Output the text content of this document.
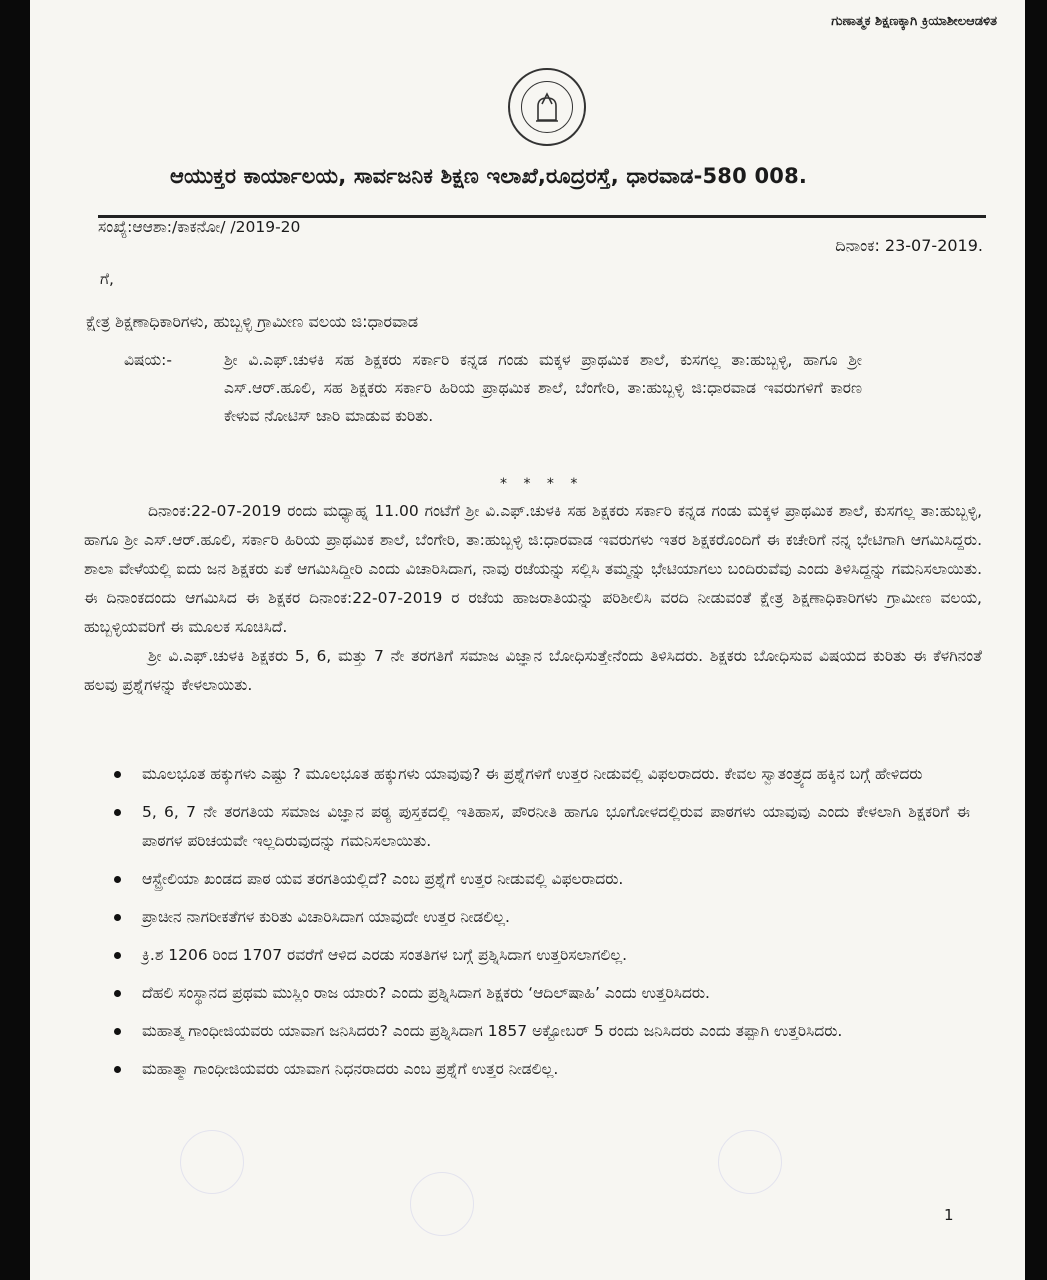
ಗುಣಾತ್ಮಕ ಶಿಕ್ಷಣಕ್ಕಾಗಿ ಕ್ರಿಯಾಶೀಲಆಡಳಿತ
ಆಯುಕ್ತರ ಕಾರ್ಯಾಲಯ, ಸಾರ್ವಜನಿಕ ಶಿಕ್ಷಣ ಇಲಾಖೆ,ರೂದ್ರರಸ್ತೆ, ಧಾರವಾಡ-580 008.
ಸಂಖ್ಯೆ:ಆಆಶಾ:/ಕಾಕನೋ/ /2019-20
ದಿನಾಂಕ: 23-07-2019.
ಗೆ,
ಕ್ಷೇತ್ರ ಶಿಕ್ಷಣಾಧಿಕಾರಿಗಳು, ಹುಬ್ಬಳ್ಳಿ ಗ್ರಾಮೀಣ ವಲಯ ಜಿ:ಧಾರವಾಡ
ವಿಷಯ:-	ಶ್ರೀ ವಿ.ಎಫ್.ಚುಳಕಿ ಸಹ ಶಿಕ್ಷಕರು ಸರ್ಕಾರಿ ಕನ್ನಡ ಗಂಡು ಮಕ್ಕಳ ಪ್ರಾಥಮಿಕ ಶಾಲೆ, ಕುಸಗಲ್ಲ ತಾ:ಹುಬ್ಬಳ್ಳಿ, ಹಾಗೂ ಶ್ರೀ ಎಸ್.ಆರ್.ಹೂಲಿ, ಸಹ ಶಿಕ್ಷಕರು ಸರ್ಕಾರಿ ಹಿರಿಯ ಪ್ರಾಥಮಿಕ ಶಾಲೆ, ಬೆಂಗೇರಿ, ತಾ:ಹುಬ್ಬಳ್ಳಿ ಜಿ:ಧಾರವಾಡ ಇವರುಗಳಿಗೆ ಕಾರಣ ಕೇಳುವ ನೋಟಿಸ್ ಜಾರಿ ಮಾಡುವ ಕುರಿತು.
* * * *

ದಿನಾಂಕ:22-07-2019 ರಂದು ಮಧ್ಯಾಹ್ನ 11.00 ಗಂಟೆಗೆ ಶ್ರೀ ವಿ.ಎಫ್.ಚುಳಕಿ ಸಹ ಶಿಕ್ಷಕರು ಸರ್ಕಾರಿ ಕನ್ನಡ ಗಂಡು ಮಕ್ಕಳ ಪ್ರಾಥಮಿಕ ಶಾಲೆ, ಕುಸಗಲ್ಲ ತಾ:ಹುಬ್ಬಳ್ಳಿ, ಹಾಗೂ ಶ್ರೀ ಎಸ್.ಆರ್.ಹೂಲಿ, ಸರ್ಕಾರಿ ಹಿರಿಯ ಪ್ರಾಥಮಿಕ ಶಾಲೆ, ಬೆಂಗೇರಿ, ತಾ:ಹುಬ್ಬಳ್ಳಿ ಜಿ:ಧಾರವಾಡ ಇವರುಗಳು ಇತರ ಶಿಕ್ಷಕರೊಂದಿಗೆ ಈ ಕಚೇರಿಗೆ ನನ್ನ ಭೇಟಿಗಾಗಿ ಆಗಮಿಸಿದ್ದರು. ಶಾಲಾ ವೇಳೆಯಲ್ಲಿ ಐದು ಜನ ಶಿಕ್ಷಕರು ಏಕೆ ಆಗಮಿಸಿದ್ದೀರಿ ಎಂದು ವಿಚಾರಿಸಿದಾಗ, ನಾವು ರಜೆಯನ್ನು ಸಲ್ಲಿಸಿ ತಮ್ಮನ್ನು ಭೇಟಿಯಾಗಲು ಬಂದಿರುವೆವು ಎಂದು ತಿಳಿಸಿದ್ದನ್ನು ಗಮನಿಸಲಾಯಿತು. ಈ ದಿನಾಂಕದಂದು ಆಗಮಿಸಿದ ಈ ಶಿಕ್ಷಕರ ದಿನಾಂಕ:22-07-2019 ರ ರಜೆಯ ಹಾಜರಾತಿಯನ್ನು ಪರಿಶೀಲಿಸಿ ವರದಿ ನೀಡುವಂತೆ ಕ್ಷೇತ್ರ ಶಿಕ್ಷಣಾಧಿಕಾರಿಗಳು ಗ್ರಾಮೀಣ ವಲಯ, ಹುಬ್ಬಳ್ಳಿಯವರಿಗೆ ಈ ಮೂಲಕ ಸೂಚಿಸಿದೆ.

ಶ್ರೀ ವಿ.ಎಫ್.ಚುಳಕಿ ಶಿಕ್ಷಕರು 5, 6, ಮತ್ತು 7 ನೇ ತರಗತಿಗೆ ಸಮಾಜ ವಿಜ್ಞಾನ ಬೋಧಿಸುತ್ತೇನೆಂದು ತಿಳಿಸಿದರು. ಶಿಕ್ಷಕರು ಬೋಧಿಸುವ ವಿಷಯದ ಕುರಿತು ಈ ಕೆಳಗಿನಂತೆ ಹಲವು ಪ್ರಶ್ನೆಗಳನ್ನು ಕೇಳಲಾಯಿತು.

ಮೂಲಭೂತ ಹಕ್ಕುಗಳು ಎಷ್ಟು ? ಮೂಲಭೂತ ಹಕ್ಕುಗಳು ಯಾವುವು? ಈ ಪ್ರಶ್ನೆಗಳಿಗೆ ಉತ್ತರ ನೀಡುವಲ್ಲಿ ವಿಫಲರಾದರು. ಕೇವಲ ಸ್ವಾತಂತ್ರ್ಯದ ಹಕ್ಕಿನ ಬಗ್ಗೆ ಹೇಳಿದರು
5, 6, 7 ನೇ ತರಗತಿಯ ಸಮಾಜ ವಿಜ್ಞಾನ ಪಠ್ಯ ಪುಸ್ತಕದಲ್ಲಿ ಇತಿಹಾಸ, ಪೌರನೀತಿ ಹಾಗೂ ಭೂಗೋಳದಲ್ಲಿರುವ ಪಾಠಗಳು ಯಾವುವು ಎಂದು ಕೇಳಲಾಗಿ ಶಿಕ್ಷಕರಿಗೆ ಈ ಪಾಠಗಳ ಪರಿಚಯವೇ ಇಲ್ಲದಿರುವುದನ್ನು ಗಮನಿಸಲಾಯಿತು.
ಆಸ್ಟ್ರೇಲಿಯಾ ಖಂಡದ ಪಾಠ ಯವ ತರಗತಿಯಲ್ಲಿದೆ? ಎಂಬ ಪ್ರಶ್ನೆಗೆ ಉತ್ತರ ನೀಡುವಲ್ಲಿ ವಿಫಲರಾದರು.
ಪ್ರಾಚೀನ ನಾಗರೀಕತೆಗಳ ಕುರಿತು ವಿಚಾರಿಸಿದಾಗ ಯಾವುದೇ ಉತ್ತರ ನೀಡಲಿಲ್ಲ.
ಕ್ರಿ.ಶ 1206 ರಿಂದ 1707 ರವರೆಗೆ ಆಳಿದ ಎರಡು ಸಂತತಿಗಳ ಬಗ್ಗೆ ಪ್ರಶ್ನಿಸಿದಾಗ ಉತ್ತರಿಸಲಾಗಲಿಲ್ಲ.
ದೆಹಲಿ ಸಂಸ್ಥಾನದ ಪ್ರಥಮ ಮುಸ್ಲಿಂ ರಾಜ ಯಾರು? ಎಂದು ಪ್ರಶ್ನಿಸಿದಾಗ ಶಿಕ್ಷಕರು ‘ಆದಿಲ್‌ಷಾಹಿ’ ಎಂದು ಉತ್ತರಿಸಿದರು.
ಮಹಾತ್ಮ ಗಾಂಧೀಜಿಯವರು ಯಾವಾಗ ಜನಿಸಿದರು? ಎಂದು ಪ್ರಶ್ನಿಸಿದಾಗ 1857 ಅಕ್ಟೋಬರ್ 5 ರಂದು ಜನಿಸಿದರು ಎಂದು ತಪ್ಪಾಗಿ ಉತ್ತರಿಸಿದರು.
ಮಹಾತ್ಮಾ ಗಾಂಧೀಜಿಯವರು ಯಾವಾಗ ನಿಧನರಾದರು ಎಂಬ ಪ್ರಶ್ನೆಗೆ ಉತ್ತರ ನೀಡಲಿಲ್ಲ.
1
